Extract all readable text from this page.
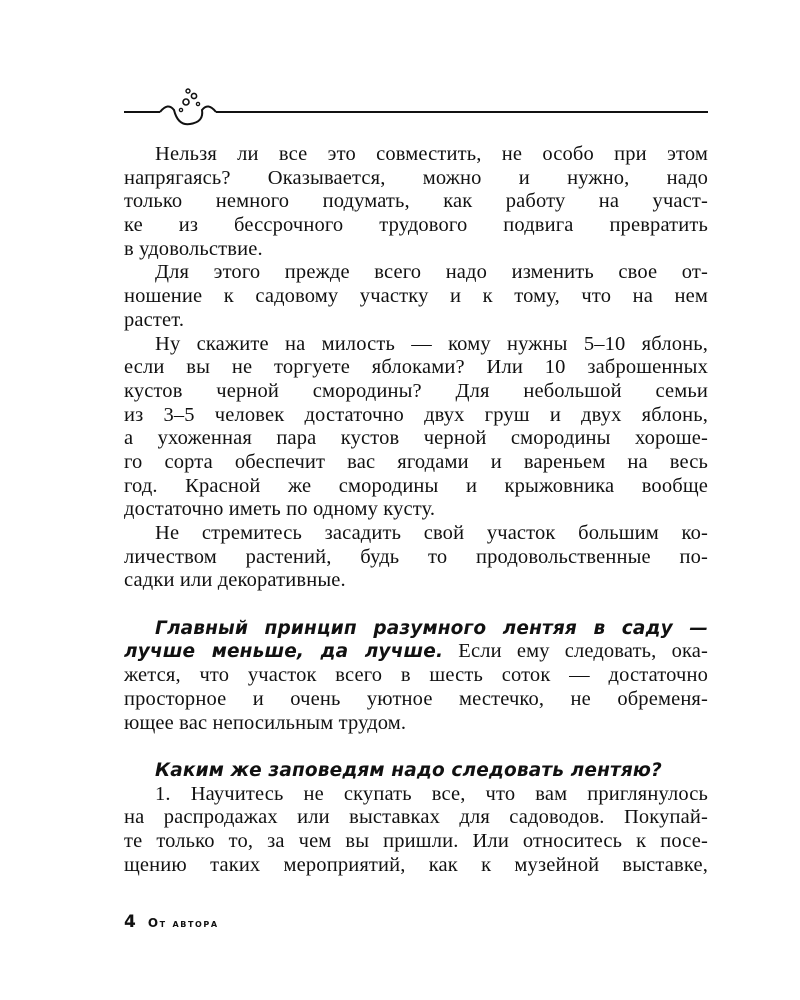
Нельзя ли все это совместить, не особо при этом
напрягаясь? Оказывается, можно и нужно, надо
только немного подумать, как работу на участ-
ке из бессрочного трудового подвига превратить
в удовольствие.
Для этого прежде всего надо изменить свое от-
ношение к садовому участку и к тому, что на нем
растет.
Ну скажите на милость — кому нужны 5–10 яблонь,
если вы не торгуете яблоками? Или 10 заброшенных
кустов черной смородины? Для небольшой семьи
из 3–5 человек достаточно двух груш и двух яблонь,
а ухоженная пара кустов черной смородины хороше-
го сорта обеспечит вас ягодами и вареньем на весь
год. Красной же смородины и крыжовника вообще
достаточно иметь по одному кусту.
Не стремитесь засадить свой участок большим ко-
личеством растений, будь то продовольственные по-
садки или декоративные.
Главный принцип разумного лентяя в саду —
лучше меньше, да лучше. Если ему следовать, ока-
жется, что участок всего в шесть соток — достаточно
просторное и очень уютное местечко, не обременя-
ющее вас непосильным трудом.
Каким же заповедям надо следовать лентяю?
1. Научитесь не скупать все, что вам приглянулось
на распродажах или выставках для садоводов. Покупай-
те только то, за чем вы пришли. Или относитесь к посе-
щению таких мероприятий, как к музейной выставке,
4 От автора
